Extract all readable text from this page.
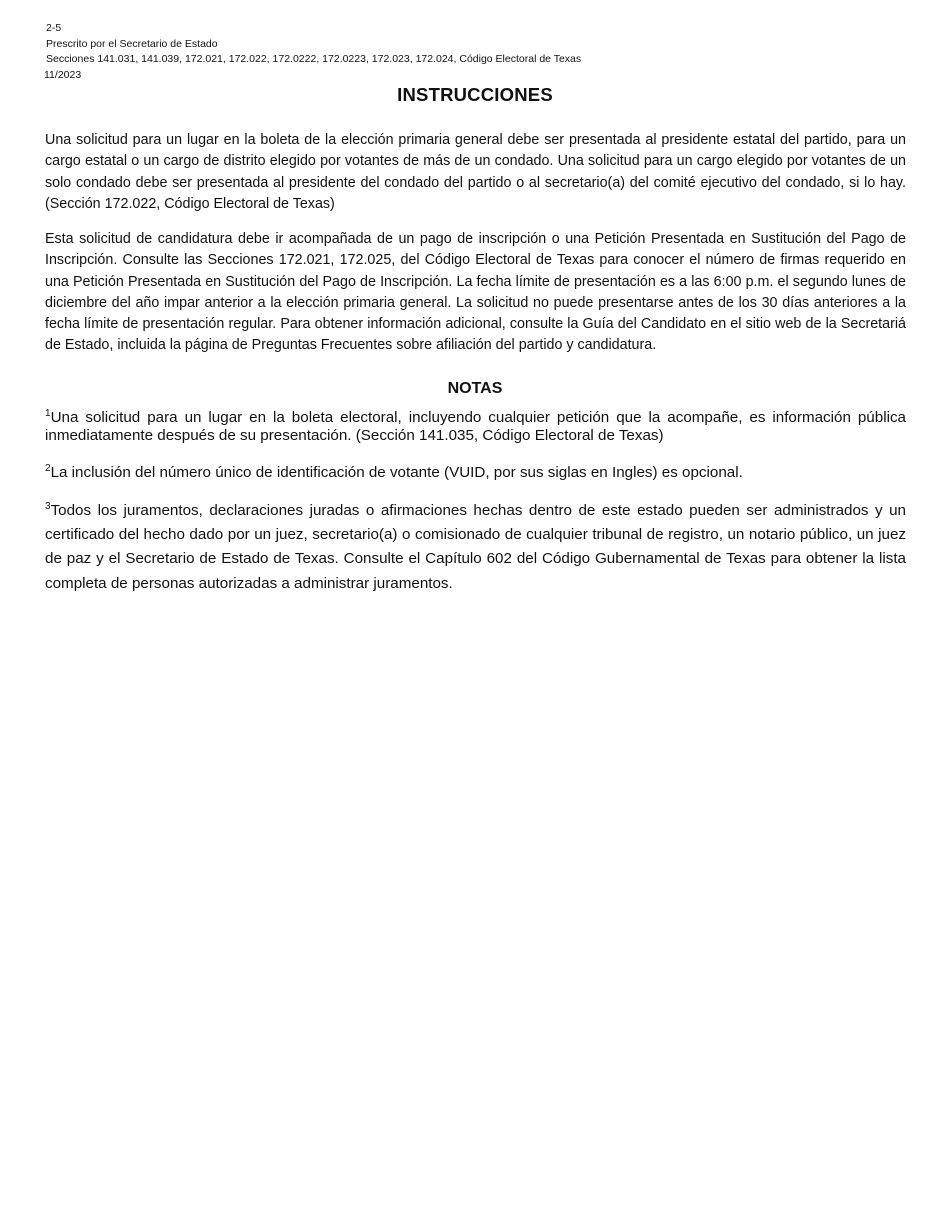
2-5
Prescrito por el Secretario de Estado
Secciones 141.031, 141.039, 172.021, 172.022, 172.0222, 172.0223, 172.023, 172.024, Código Electoral de Texas
11/2023
INSTRUCCIONES
Una solicitud para un lugar en la boleta de la elección primaria general debe ser presentada al presidente estatal del partido, para un cargo estatal o un cargo de distrito elegido por votantes de más de un condado. Una solicitud para un cargo elegido por votantes de un solo condado debe ser presentada al presidente del condado del partido o al secretario(a) del comité ejecutivo del condado, si lo hay. (Sección 172.022, Código Electoral de Texas)
Esta solicitud de candidatura debe ir acompañada de un pago de inscripción o una Petición Presentada en Sustitución del Pago de Inscripción. Consulte las Secciones 172.021, 172.025, del Código Electoral de Texas para conocer el número de firmas requerido en una Petición Presentada en Sustitución del Pago de Inscripción. La fecha límite de presentación es a las 6:00 p.m. el segundo lunes de diciembre del año impar anterior a la elección primaria general. La solicitud no puede presentarse antes de los 30 días anteriores a la fecha límite de presentación regular. Para obtener información adicional, consulte la Guía del Candidato en el sitio web de la Secretariá de Estado, incluida la página de Preguntas Frecuentes sobre afiliación del partido y candidatura.
NOTAS
$^1$Una solicitud para un lugar en la boleta electoral, incluyendo cualquier petición que la acompañe, es información pública inmediatamente después de su presentación. (Sección 141.035, Código Electoral de Texas)
$^2$La inclusión del número único de identificación de votante (VUID, por sus siglas en Ingles) es opcional.
$^3$Todos los juramentos, declaraciones juradas o afirmaciones hechas dentro de este estado pueden ser administrados y un certificado del hecho dado por un juez, secretario(a) o comisionado de cualquier tribunal de registro, un notario público, un juez de paz y el Secretario de Estado de Texas. Consulte el Capítulo 602 del Código Gubernamental de Texas para obtener la lista completa de personas autorizadas a administrar juramentos.
